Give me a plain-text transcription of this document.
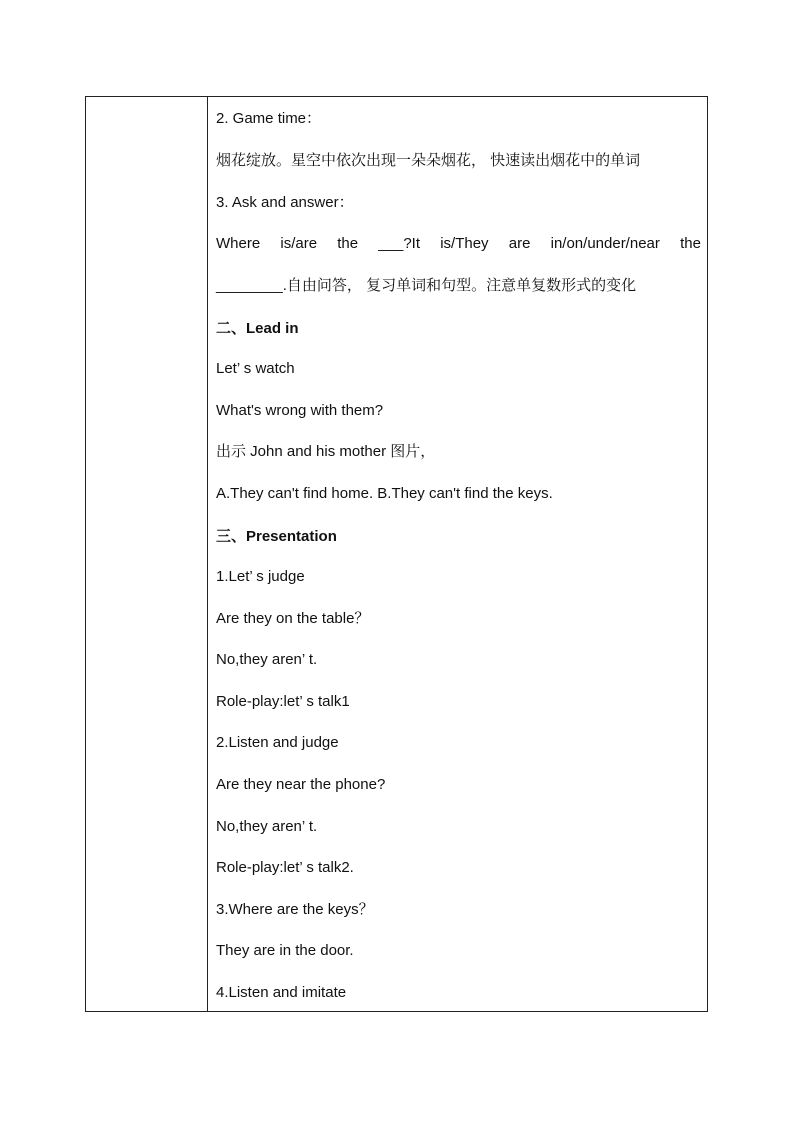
2. Game time：
烟花绽放。星空中依次出现一朵朵烟花， 快速读出烟花中的单词
3. Ask and answer：
Where is/are the ___?It is/They are in/on/under/near the
________.自由问答， 复习单词和句型。注意单复数形式的变化
二、Lead in
Let’ s watch
What's wrong with them?
出示 John and his mother 图片，
A.They can't find home. B.They can't find the keys.
三、Presentation
1.Let’ s judge
Are they on the table？
No,they aren’ t.
Role-play:let’ s talk1
2.Listen and judge
Are they near the phone?
No,they aren’ t.
Role-play:let’ s talk2.
3.Where are the keys？
They are in the door.
4.Listen and imitate
